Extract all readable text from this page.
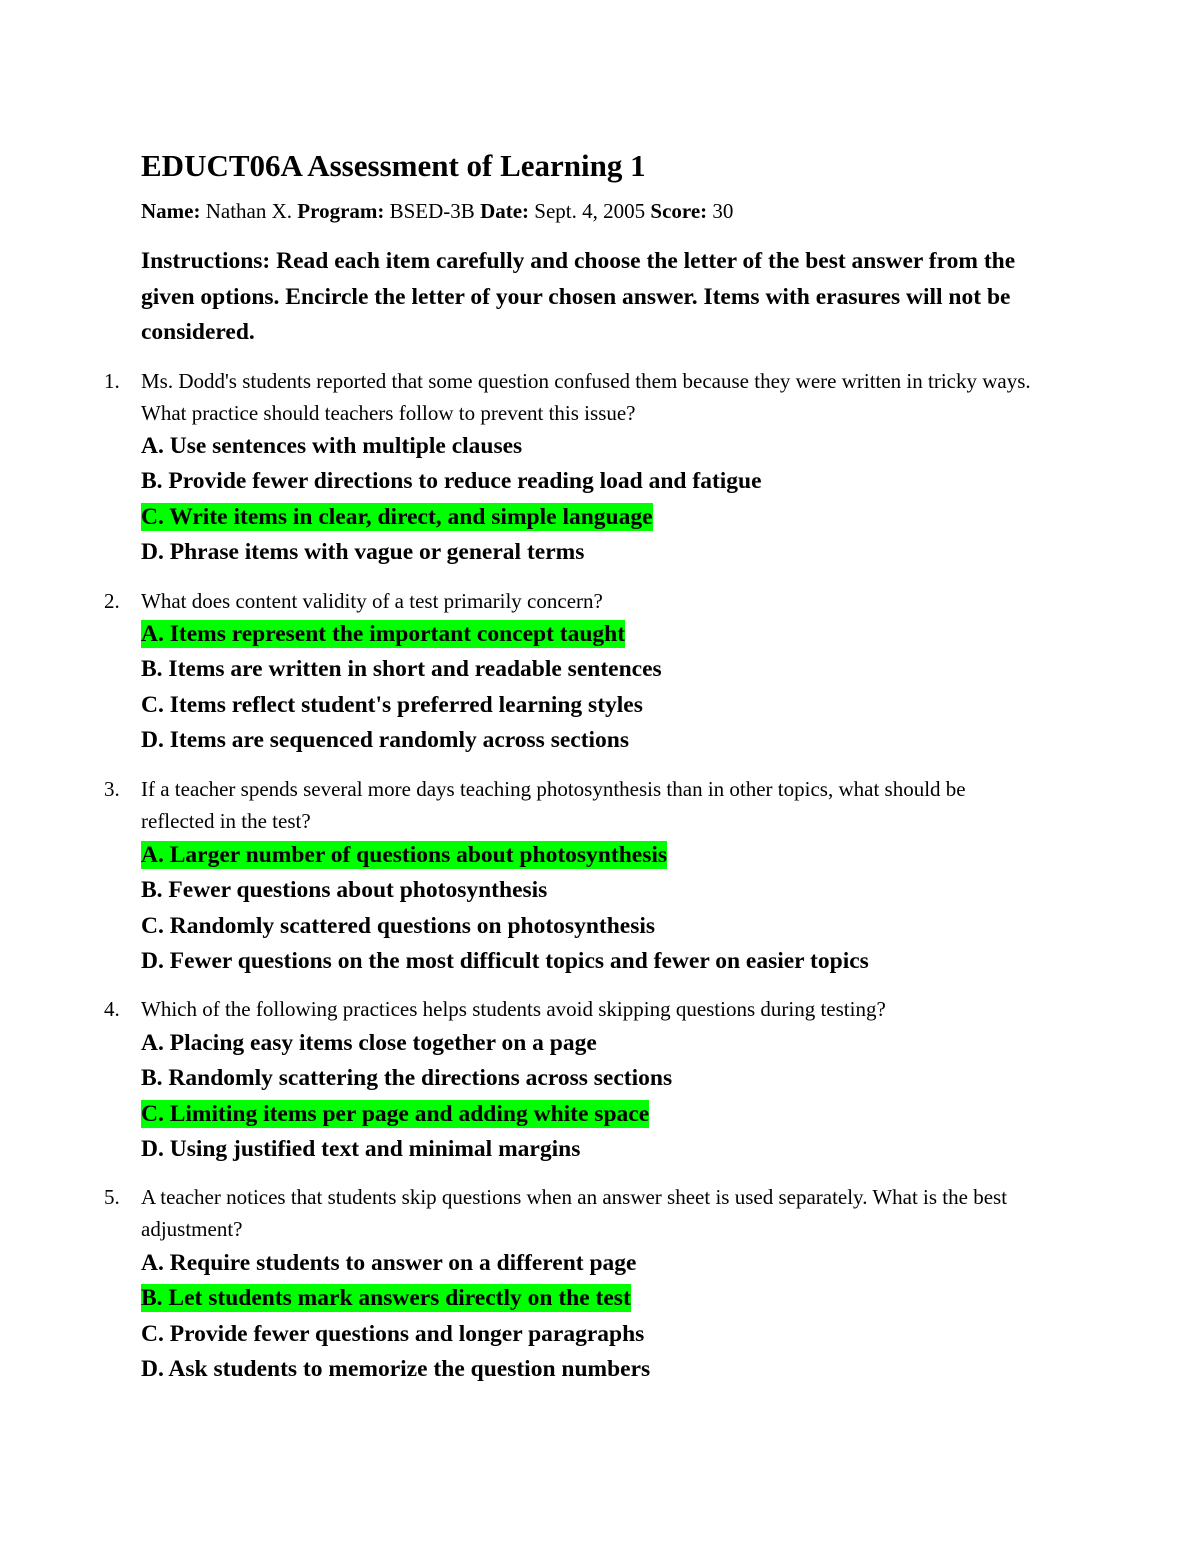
EDUCT06A Assessment of Learning 1
Name: Nathan X. Program: BSED-3B Date: Sept. 4, 2005 Score: 30
Instructions: Read each item carefully and choose the letter of the best answer from the given options. Encircle the letter of your chosen answer. Items with erasures will not be considered.
1. Ms. Dodd's students reported that some question confused them because they were written in tricky ways. What practice should teachers follow to prevent this issue?
A. Use sentences with multiple clauses
B. Provide fewer directions to reduce reading load and fatigue
C. Write items in clear, direct, and simple language
D. Phrase items with vague or general terms
2. What does content validity of a test primarily concern?
A. Items represent the important concept taught
B. Items are written in short and readable sentences
C. Items reflect student's preferred learning styles
D. Items are sequenced randomly across sections
3. If a teacher spends several more days teaching photosynthesis than in other topics, what should be reflected in the test?
A. Larger number of questions about photosynthesis
B. Fewer questions about photosynthesis
C. Randomly scattered questions on photosynthesis
D. Fewer questions on the most difficult topics and fewer on easier topics
4. Which of the following practices helps students avoid skipping questions during testing?
A. Placing easy items close together on a page
B. Randomly scattering the directions across sections
C. Limiting items per page and adding white space
D. Using justified text and minimal margins
5. A teacher notices that students skip questions when an answer sheet is used separately. What is the best adjustment?
A. Require students to answer on a different page
B. Let students mark answers directly on the test
C. Provide fewer questions and longer paragraphs
D. Ask students to memorize the question numbers
